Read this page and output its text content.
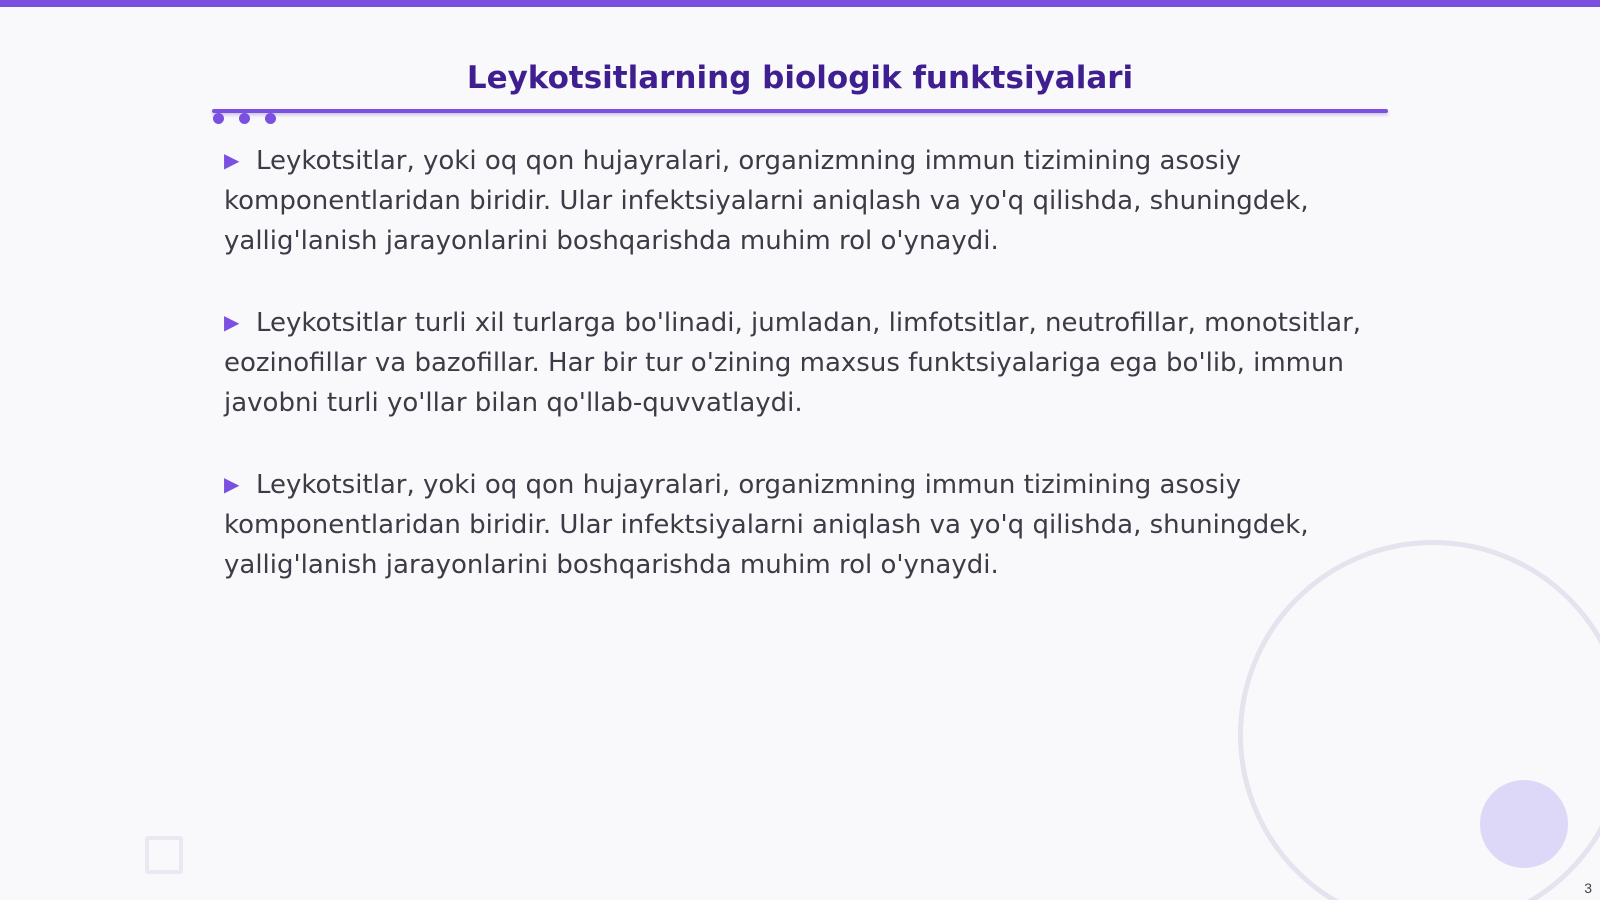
Leykotsitlarning biologik funktsiyalari
▶ Leykotsitlar, yoki oq qon hujayralari, organizmning immun tizimining asosiy komponentlaridan biridir. Ular infektsiyalarni aniqlash va yo'q qilishda, shuningdek, yallig'lanish jarayonlarini boshqarishda muhim rol o'ynaydi.
▶ Leykotsitlar turli xil turlarga bo'linadi, jumladan, limfotsitlar, neutrofillar, monotsitlar, eozinofillar va bazofillar. Har bir tur o'zining maxsus funktsiyalariga ega bo'lib, immun javobni turli yo'llar bilan qo'llab-quvvatlaydi.
▶ Leykotsitlar, yoki oq qon hujayralari, organizmning immun tizimining asosiy komponentlaridan biridir. Ular infektsiyalarni aniqlash va yo'q qilishda, shuningdek, yallig'lanish jarayonlarini boshqarishda muhim rol o'ynaydi.
3
